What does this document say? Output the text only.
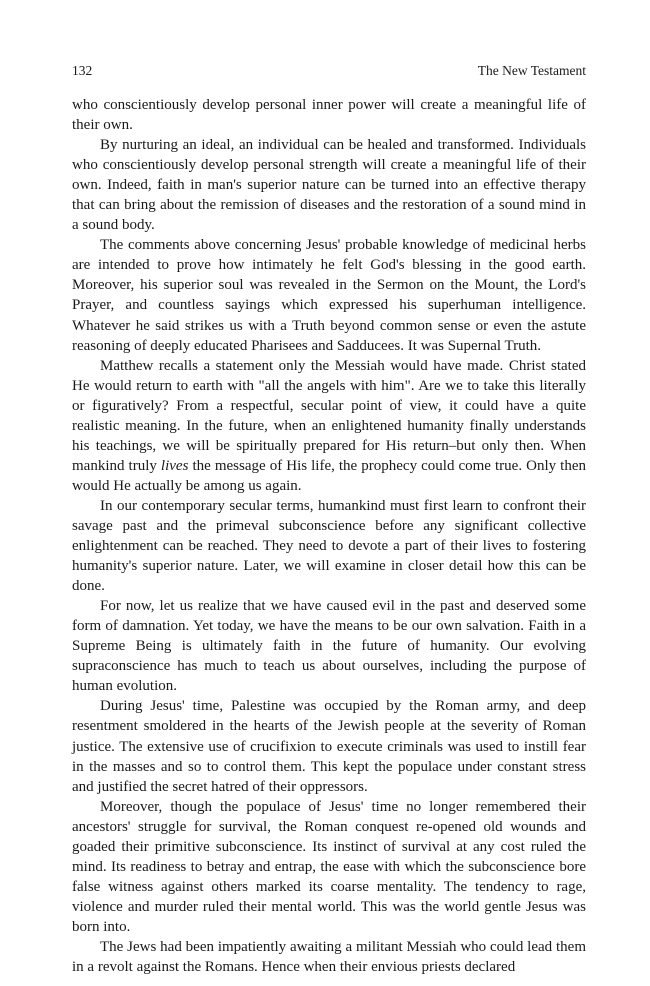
132	The New Testament

who conscientiously develop personal inner power will create a meaningful life of their own.

By nurturing an ideal, an individual can be healed and transformed. Individuals who conscientiously develop personal strength will create a meaningful life of their own. Indeed, faith in man's superior nature can be turned into an effective therapy that can bring about the remission of diseases and the restoration of a sound mind in a sound body.

The comments above concerning Jesus' probable knowledge of medicinal herbs are intended to prove how intimately he felt God's blessing in the good earth. Moreover, his superior soul was revealed in the Sermon on the Mount, the Lord's Prayer, and countless sayings which expressed his superhuman intelligence. Whatever he said strikes us with a Truth beyond common sense or even the astute reasoning of deeply educated Pharisees and Sadducees. It was Supernal Truth.

Matthew recalls a statement only the Messiah would have made. Christ stated He would return to earth with "all the angels with him". Are we to take this literally or figuratively? From a respectful, secular point of view, it could have a quite realistic meaning. In the future, when an enlightened humanity finally understands his teachings, we will be spiritually prepared for His return–but only then. When mankind truly lives the message of His life, the prophecy could come true. Only then would He actually be among us again.

In our contemporary secular terms, humankind must first learn to confront their savage past and the primeval subconscience before any significant collective enlightenment can be reached. They need to devote a part of their lives to fostering humanity's superior nature. Later, we will examine in closer detail how this can be done.

For now, let us realize that we have caused evil in the past and deserved some form of damnation. Yet today, we have the means to be our own salvation. Faith in a Supreme Being is ultimately faith in the future of humanity. Our evolving supraconscience has much to teach us about ourselves, including the purpose of human evolution.

During Jesus' time, Palestine was occupied by the Roman army, and deep resentment smoldered in the hearts of the Jewish people at the severity of Roman justice. The extensive use of crucifixion to execute criminals was used to instill fear in the masses and so to control them. This kept the populace under constant stress and justified the secret hatred of their oppressors.

Moreover, though the populace of Jesus' time no longer remembered their ancestors' struggle for survival, the Roman conquest re-opened old wounds and goaded their primitive subconscience. Its instinct of survival at any cost ruled the mind. Its readiness to betray and entrap, the ease with which the subconscience bore false witness against others marked its coarse mentality. The tendency to rage, violence and murder ruled their mental world. This was the world gentle Jesus was born into.

The Jews had been impatiently awaiting a militant Messiah who could lead them in a revolt against the Romans. Hence when their envious priests declared
